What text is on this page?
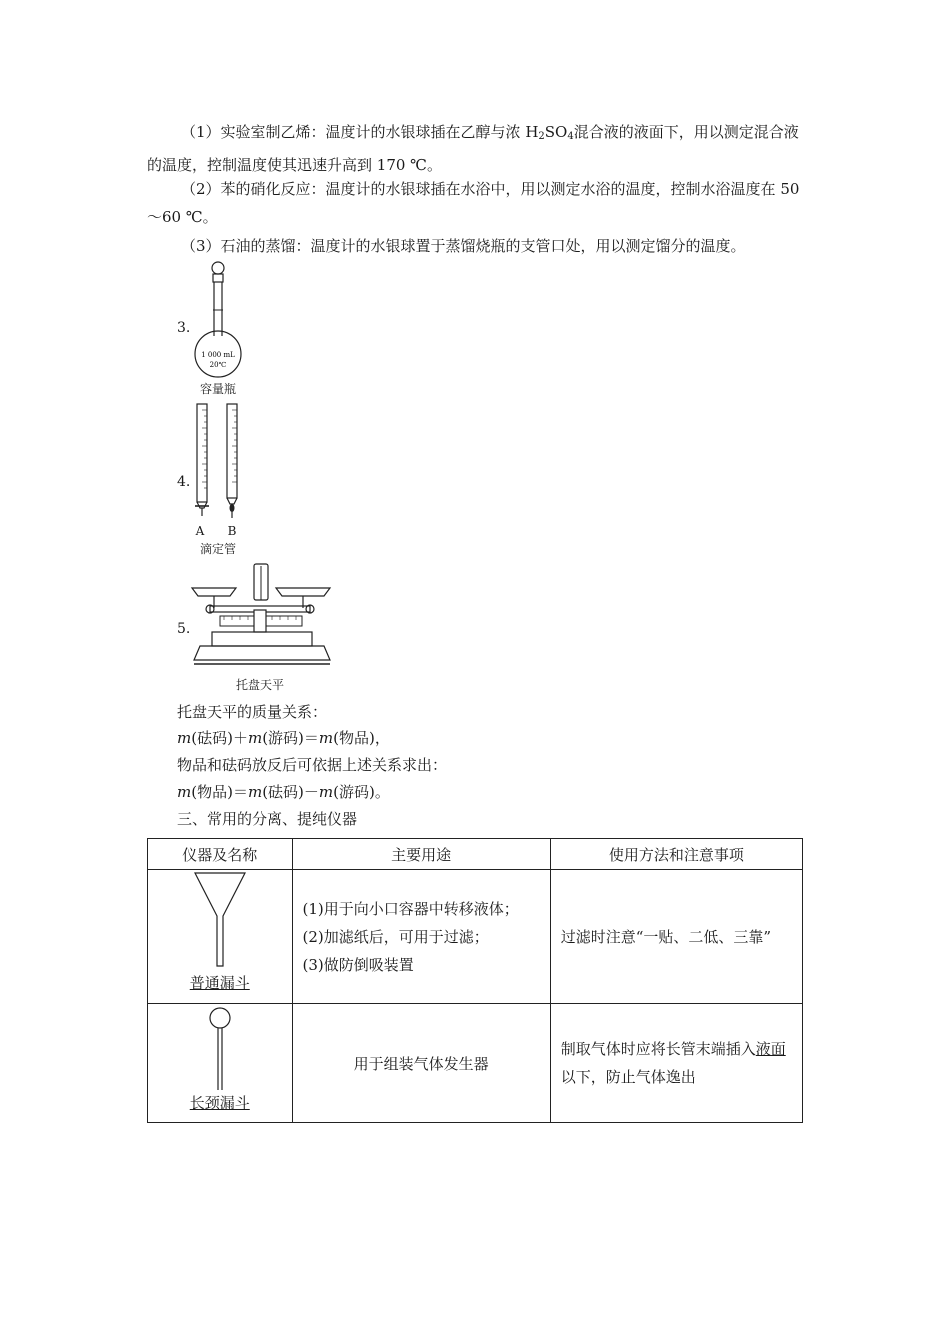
（1）实验室制乙烯：温度计的水银球插在乙醇与浓 $H_2SO_4$混合液的液面下，用以测定混合液的温度，控制温度使其迅速升高到 170 ℃。

（2）苯的硝化反应：温度计的水银球插在水浴中，用以测定水浴的温度，控制水浴温度在 50～60 ℃。

（3）石油的蒸馏：温度计的水银球置于蒸馏烧瓶的支管口处，用以测定馏分的温度。

3.
1 000 mL
20℃
容量瓶
4.
A	B
滴定管
5.
托盘天平
托盘天平的质量关系：
m(砝码)＋m(游码)＝m(物品)，
物品和砝码放反后可依据上述关系求出：
m(物品)＝m(砝码)－m(游码)。
三、常用的分离、提纯仪器
仪器及名称	主要用途	使用方法和注意事项

普通漏斗	(1)用于向小口容器中转移液体；
(2)加滤纸后，可用于过滤；
(3)做防倒吸装置	过滤时注意“一贴、二低、三靠”

长颈漏斗	用于组装气体发生器	制取气体时应将长管末端插入液面以下，防止气体逸出
